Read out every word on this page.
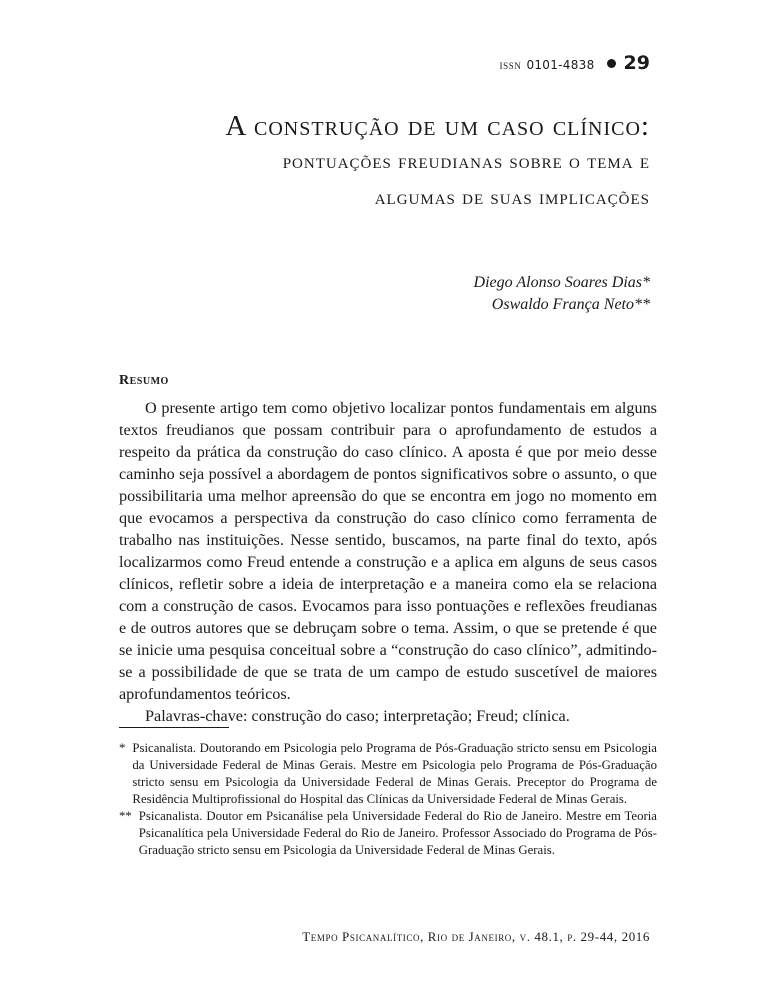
ISSN 0101-4838 29
A construção de um caso clínico:
pontuações freudianas sobre o tema e
algumas de suas implicações
Diego Alonso Soares Dias*
Oswaldo França Neto**
Resumo

O presente artigo tem como objetivo localizar pontos fundamentais em alguns textos freudianos que possam contribuir para o aprofundamento de estudos a respeito da prática da construção do caso clínico. A aposta é que por meio desse caminho seja possível a abordagem de pontos significativos sobre o assunto, o que possibilitaria uma melhor apreensão do que se encontra em jogo no momento em que evocamos a perspectiva da construção do caso clínico como ferramenta de trabalho nas instituições. Nesse sentido, buscamos, na parte final do texto, após localizarmos como Freud entende a construção e a aplica em alguns de seus casos clínicos, refletir sobre a ideia de interpretação e a maneira como ela se relaciona com a construção de casos. Evocamos para isso pontuações e reflexões freudianas e de outros autores que se debruçam sobre o tema. Assim, o que se pretende é que se inicie uma pesquisa conceitual sobre a “construção do caso clínico”, admitindo-se a possibilidade de que se trata de um campo de estudo suscetível de maiores aprofundamentos teóricos.

Palavras-chave: construção do caso; interpretação; Freud; clínica.

* Psicanalista. Doutorando em Psicologia pelo Programa de Pós-Graduação stricto sensu em Psicologia da Universidade Federal de Minas Gerais. Mestre em Psicologia pelo Programa de Pós-Graduação stricto sensu em Psicologia da Universidade Federal de Minas Gerais. Preceptor do Programa de Residência Multiprofissional do Hospital das Clínicas da Universidade Federal de Minas Gerais.
** Psicanalista. Doutor em Psicanálise pela Universidade Federal do Rio de Janeiro. Mestre em Teoria Psicanalítica pela Universidade Federal do Rio de Janeiro. Professor Associado do Programa de Pós-Graduação stricto sensu em Psicologia da Universidade Federal de Minas Gerais.
Tempo Psicanalítico, Rio de Janeiro, v. 48.1, p. 29-44, 2016
